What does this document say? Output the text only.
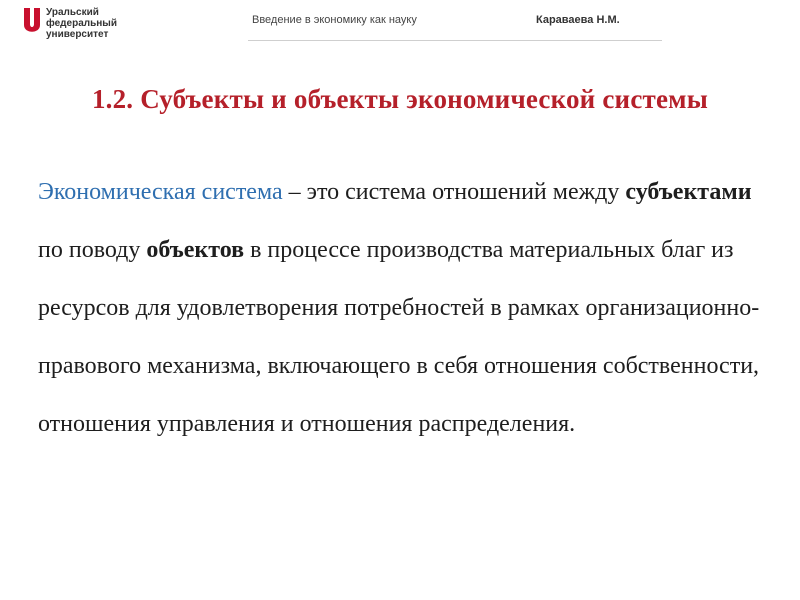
Уральский
федеральный
университет
Введение в экономику как науку	Караваева Н.М.
1.2. Субъекты и объекты экономической системы
Экономическая система – это система отношений между субъектами по поводу объектов в процессе производства материальных благ из ресурсов для удовлетворения потребностей в рамках организационно-правового механизма, включающего в себя отношения собственности, отношения управления и отношения распределения.
